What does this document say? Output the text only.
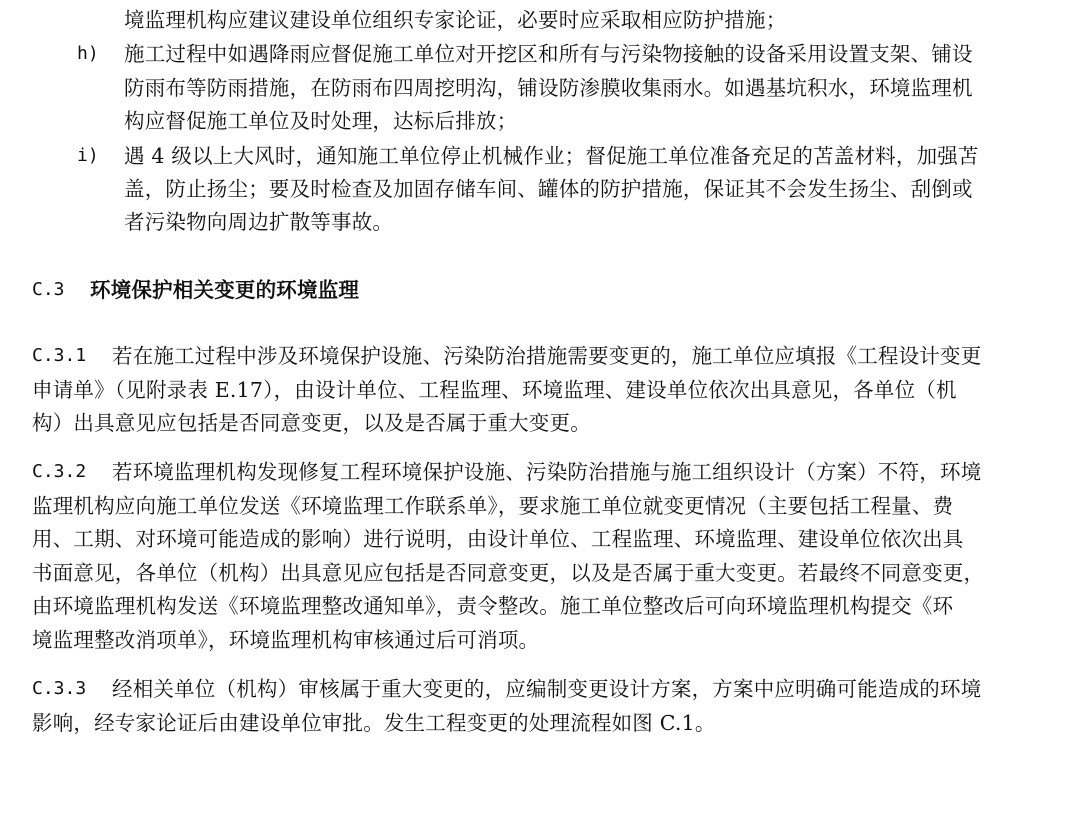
境监理机构应建议建设单位组织专家论证，必要时应采取相应防护措施；
h) 施工过程中如遇降雨应督促施工单位对开挖区和所有与污染物接触的设备采用设置支架、铺设
防雨布等防雨措施，在防雨布四周挖明沟，铺设防渗膜收集雨水。如遇基坑积水，环境监理机
构应督促施工单位及时处理，达标后排放；
i) 遇 4 级以上大风时，通知施工单位停止机械作业；督促施工单位准备充足的苫盖材料，加强苫
盖，防止扬尘；要及时检查及加固存储车间、罐体的防护措施，保证其不会发生扬尘、刮倒或
者污染物向周边扩散等事故。
C.3 环境保护相关变更的环境监理
C.3.1 若在施工过程中涉及环境保护设施、污染防治措施需要变更的，施工单位应填报《工程设计变更
申请单》（见附录表 E.17），由设计单位、工程监理、环境监理、建设单位依次出具意见，各单位（机
构）出具意见应包括是否同意变更，以及是否属于重大变更。
C.3.2 若环境监理机构发现修复工程环境保护设施、污染防治措施与施工组织设计（方案）不符，环境
监理机构应向施工单位发送《环境监理工作联系单》，要求施工单位就变更情况（主要包括工程量、费
用、工期、对环境可能造成的影响）进行说明，由设计单位、工程监理、环境监理、建设单位依次出具
书面意见，各单位（机构）出具意见应包括是否同意变更，以及是否属于重大变更。若最终不同意变更，
由环境监理机构发送《环境监理整改通知单》，责令整改。施工单位整改后可向环境监理机构提交《环
境监理整改消项单》，环境监理机构审核通过后可消项。
C.3.3 经相关单位（机构）审核属于重大变更的，应编制变更设计方案，方案中应明确可能造成的环境
影响，经专家论证后由建设单位审批。发生工程变更的处理流程如图 C.1。
